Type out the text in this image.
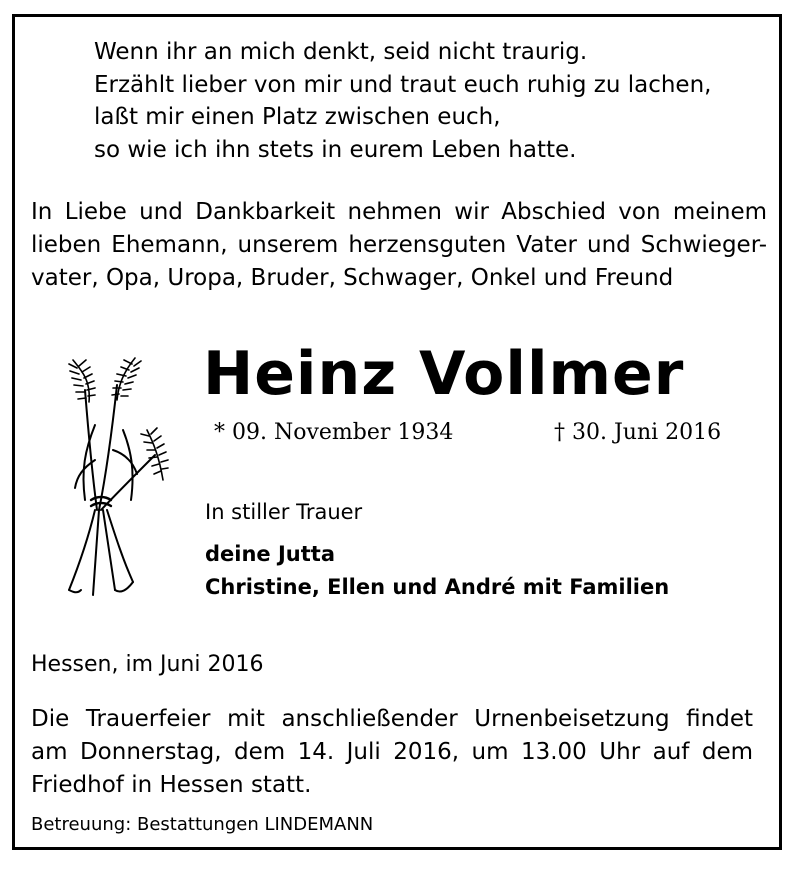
Wenn ihr an mich denkt, seid nicht traurig.
Erzählt lieber von mir und traut euch ruhig zu lachen,
laßt mir einen Platz zwischen euch,
so wie ich ihn stets in eurem Leben hatte.
In Liebe und Dankbarkeit nehmen wir Abschied von meinem
lieben Ehemann, unserem herzensguten Vater und Schwieger-
vater, Opa, Uropa, Bruder, Schwager, Onkel und Freund
Heinz Vollmer
* 09. November 1934	† 30. Juni 2016
In stiller Trauer
deine Jutta
Christine, Ellen und André mit Familien
Hessen, im Juni 2016
Die Trauerfeier mit anschließender Urnenbeisetzung findet
am Donnerstag, dem 14. Juli 2016, um 13.00 Uhr auf dem
Friedhof in Hessen statt.
Betreuung: Bestattungen LINDEMANN
